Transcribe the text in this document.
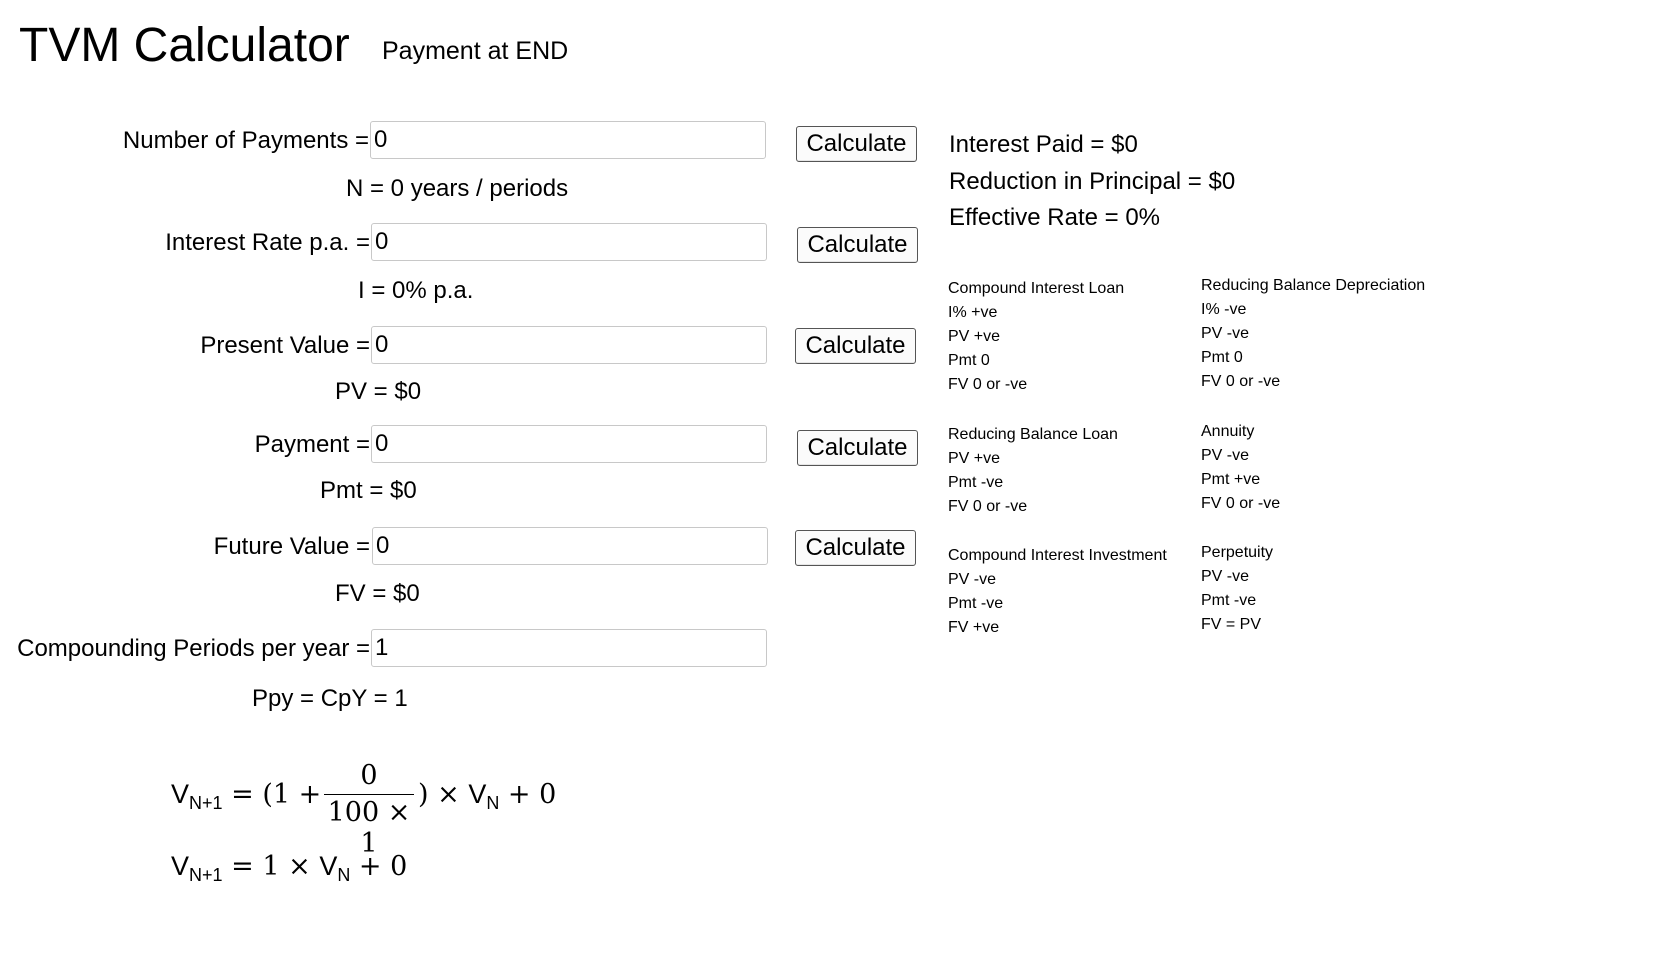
TVM Calculator Payment at END
Number of Payments =
0	Calculate
N = 0 years / periods
Interest Rate p.a. =
0	Calculate
I = 0% p.a.
Present Value =
0	Calculate
PV = $0
Payment =
0	Calculate
Pmt = $0
Future Value =
0	Calculate
FV = $0
Compounding Periods per year =
1
Ppy = CpY = 1
Interest Paid = $0
Reduction in Principal = $0
Effective Rate = 0%
Compound Interest Loan
I% +ve
PV +ve
Pmt 0
FV 0 or -ve
Reducing Balance Loan
PV +ve
Pmt -ve
FV 0 or -ve
Compound Interest Investment
PV -ve
Pmt -ve
FV +ve
Reducing Balance Depreciation
I% -ve
PV -ve
Pmt 0
FV 0 or -ve
Annuity
PV -ve
Pmt +ve
FV 0 or -ve
Perpetuity
PV -ve
Pmt -ve
FV = PV
$V_{N+1} = (1$ +
0
100 × 1
) × $V_N + 0$
$V_{N+1} = 1 \times V_N + 0$
